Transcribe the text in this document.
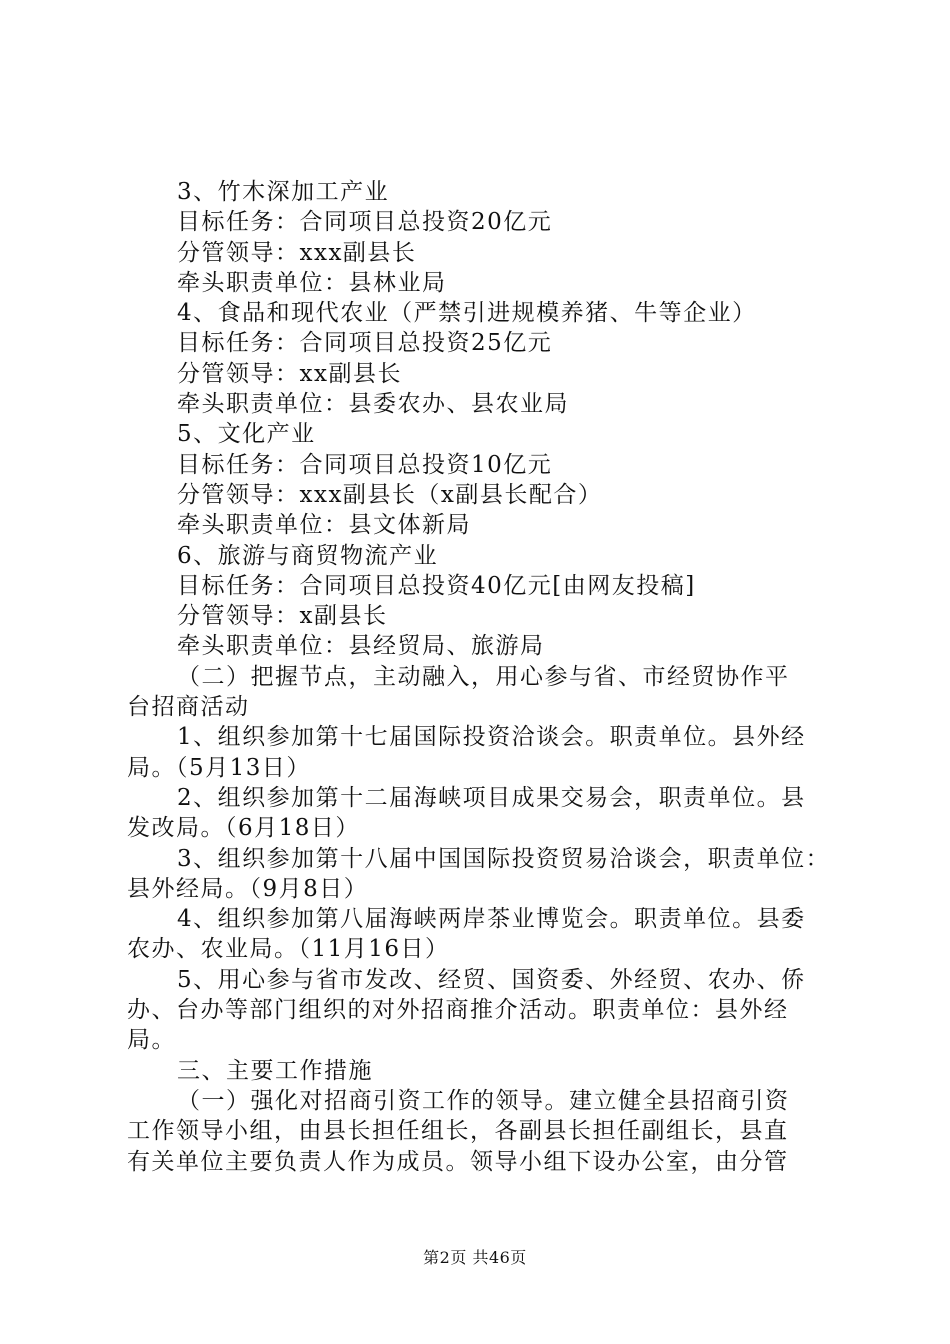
3、竹木深加工产业
目标任务：合同项目总投资20亿元
分管领导：xxx副县长
牵头职责单位：县林业局
4、食品和现代农业（严禁引进规模养猪、牛等企业）
目标任务：合同项目总投资25亿元
分管领导：xx副县长
牵头职责单位：县委农办、县农业局
5、文化产业
目标任务：合同项目总投资10亿元
分管领导：xxx副县长（x副县长配合）
牵头职责单位：县文体新局
6、旅游与商贸物流产业
目标任务：合同项目总投资40亿元[由网友投稿]
分管领导：x副县长
牵头职责单位：县经贸局、旅游局
（二）把握节点，主动融入，用心参与省、市经贸协作平
台招商活动
1、组织参加第十七届国际投资洽谈会。职责单位。县外经
局。（5月13日）
2、组织参加第十二届海峡项目成果交易会，职责单位。县
发改局。（6月18日）
3、组织参加第十八届中国国际投资贸易洽谈会，职责单位：
县外经局。（9月8日）
4、组织参加第八届海峡两岸茶业博览会。职责单位。县委
农办、农业局。（11月16日）
5、用心参与省市发改、经贸、国资委、外经贸、农办、侨
办、台办等部门组织的对外招商推介活动。职责单位：县外经
局。
三、主要工作措施
（一）强化对招商引资工作的领导。建立健全县招商引资
工作领导小组，由县长担任组长，各副县长担任副组长，县直
有关单位主要负责人作为成员。领导小组下设办公室，由分管
第2页 共46页
